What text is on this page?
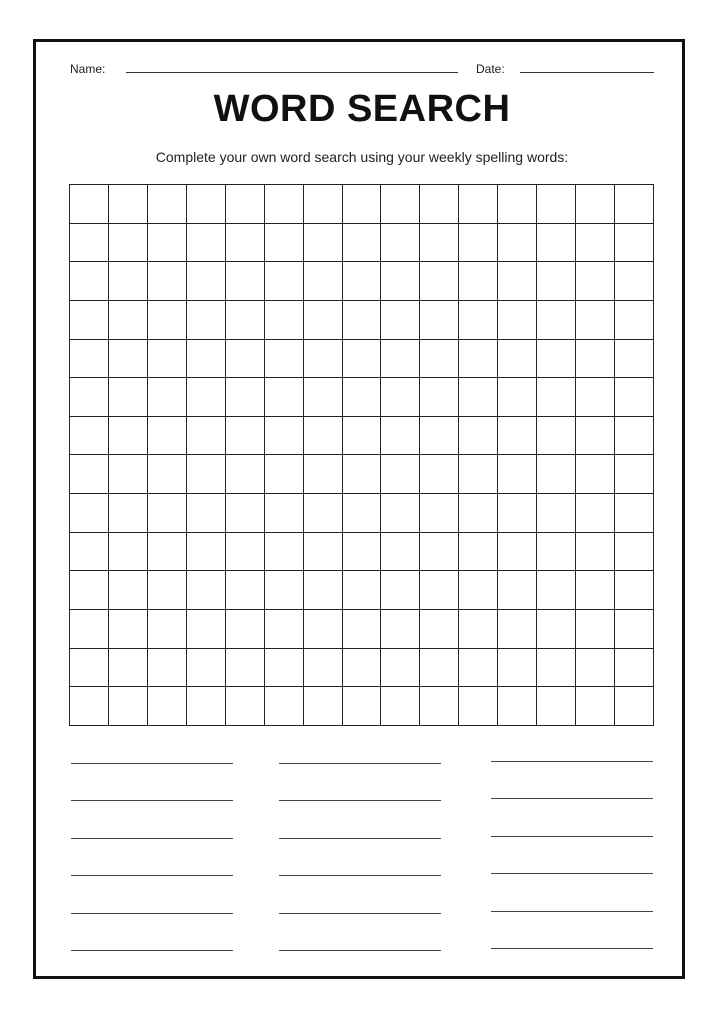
Name:	Date:
WORD SEARCH
Complete your own word search using your weekly spelling words:
